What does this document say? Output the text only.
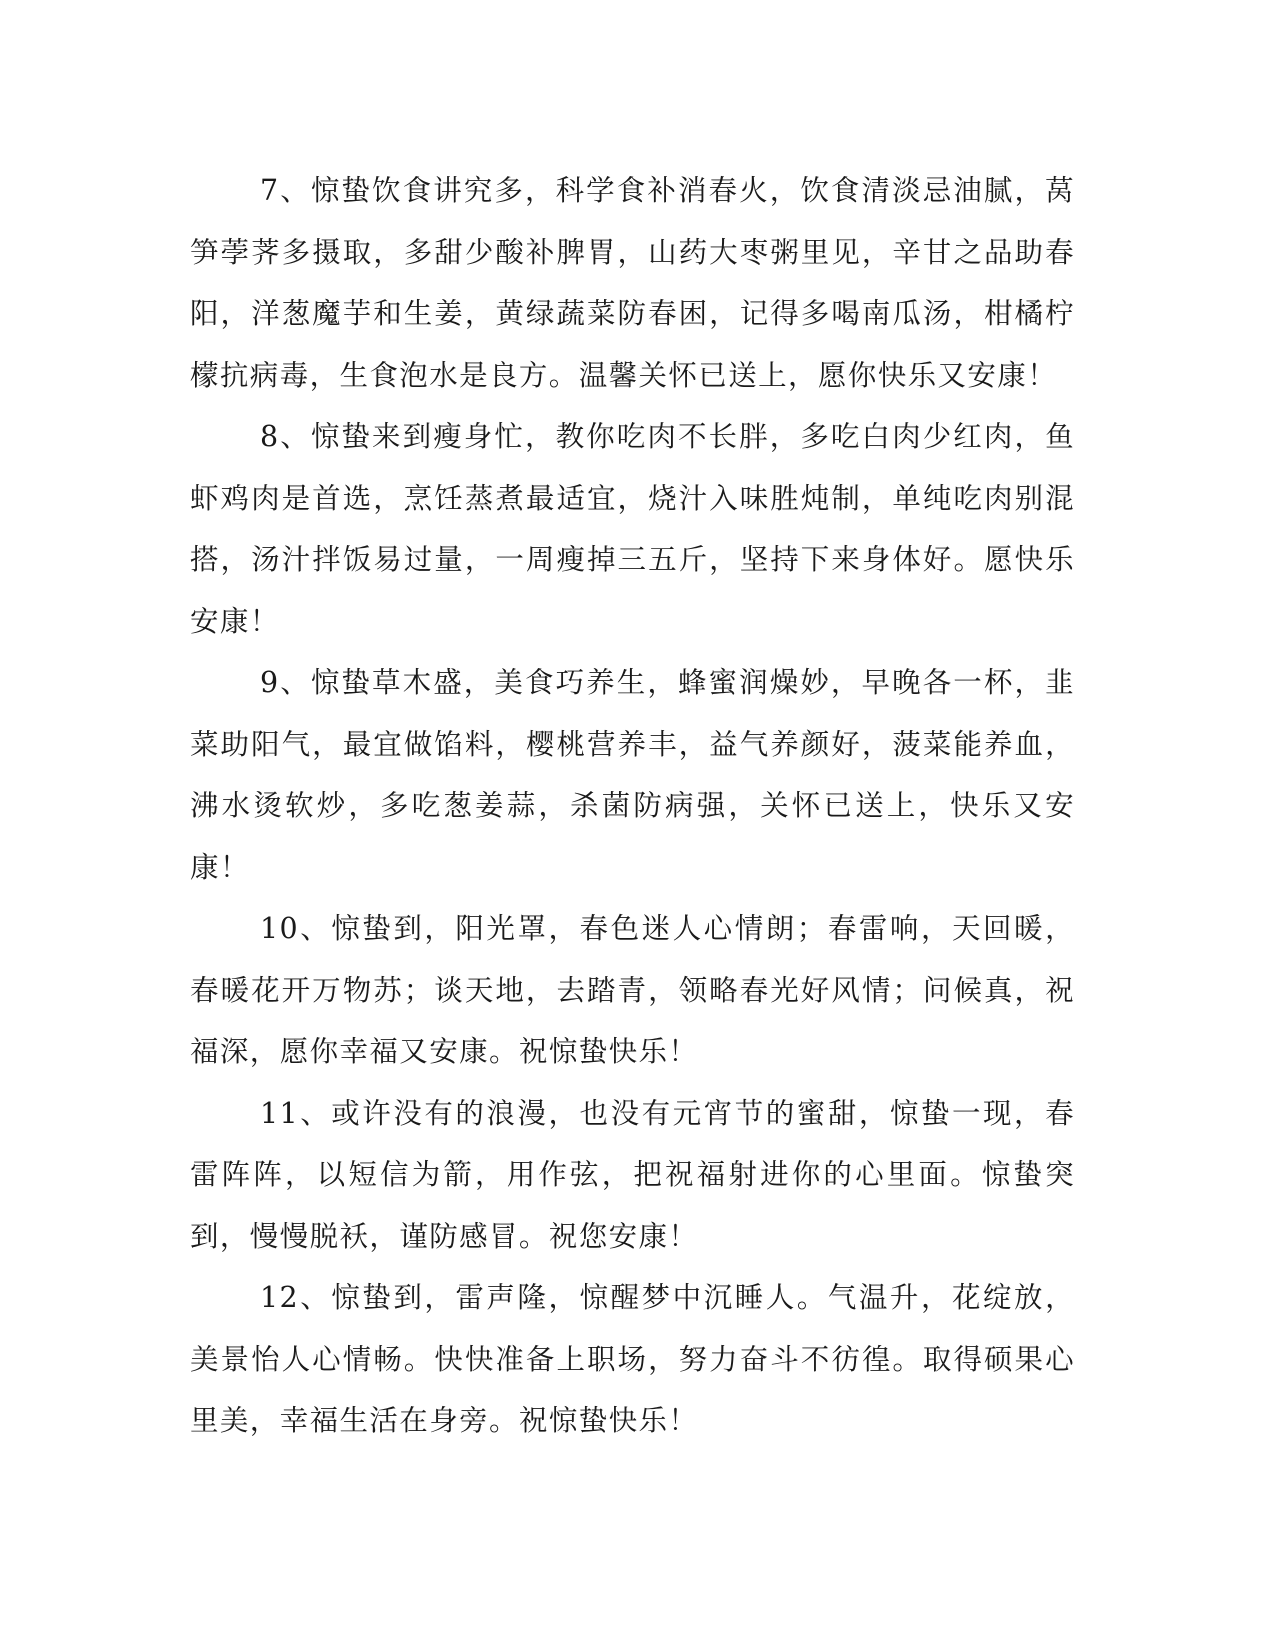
7、惊蛰饮食讲究多，科学食补消春火，饮食清淡忌油腻，莴笋荸荠多摄取，多甜少酸补脾胃，山药大枣粥里见，辛甘之品助春阳，洋葱魔芋和生姜，黄绿蔬菜防春困，记得多喝南瓜汤，柑橘柠檬抗病毒，生食泡水是良方。温馨关怀已送上，愿你快乐又安康！

8、惊蛰来到瘦身忙，教你吃肉不长胖，多吃白肉少红肉，鱼虾鸡肉是首选，烹饪蒸煮最适宜，烧汁入味胜炖制，单纯吃肉别混搭，汤汁拌饭易过量，一周瘦掉三五斤，坚持下来身体好。愿快乐安康！

9、惊蛰草木盛，美食巧养生，蜂蜜润燥妙，早晚各一杯，韭菜助阳气，最宜做馅料，樱桃营养丰，益气养颜好，菠菜能养血，沸水烫软炒，多吃葱姜蒜，杀菌防病强，关怀已送上，快乐又安康！

10、惊蛰到，阳光罩，春色迷人心情朗；春雷响，天回暖，春暖花开万物苏；谈天地，去踏青，领略春光好风情；问候真，祝福深，愿你幸福又安康。祝惊蛰快乐！

11、或许没有的浪漫，也没有元宵节的蜜甜，惊蛰一现，春雷阵阵，以短信为箭，用作弦，把祝福射进你的心里面。惊蛰突到，慢慢脱袄，谨防感冒。祝您安康！

12、惊蛰到，雷声隆，惊醒梦中沉睡人。气温升，花绽放，美景怡人心情畅。快快准备上职场，努力奋斗不彷徨。取得硕果心里美，幸福生活在身旁。祝惊蛰快乐！
